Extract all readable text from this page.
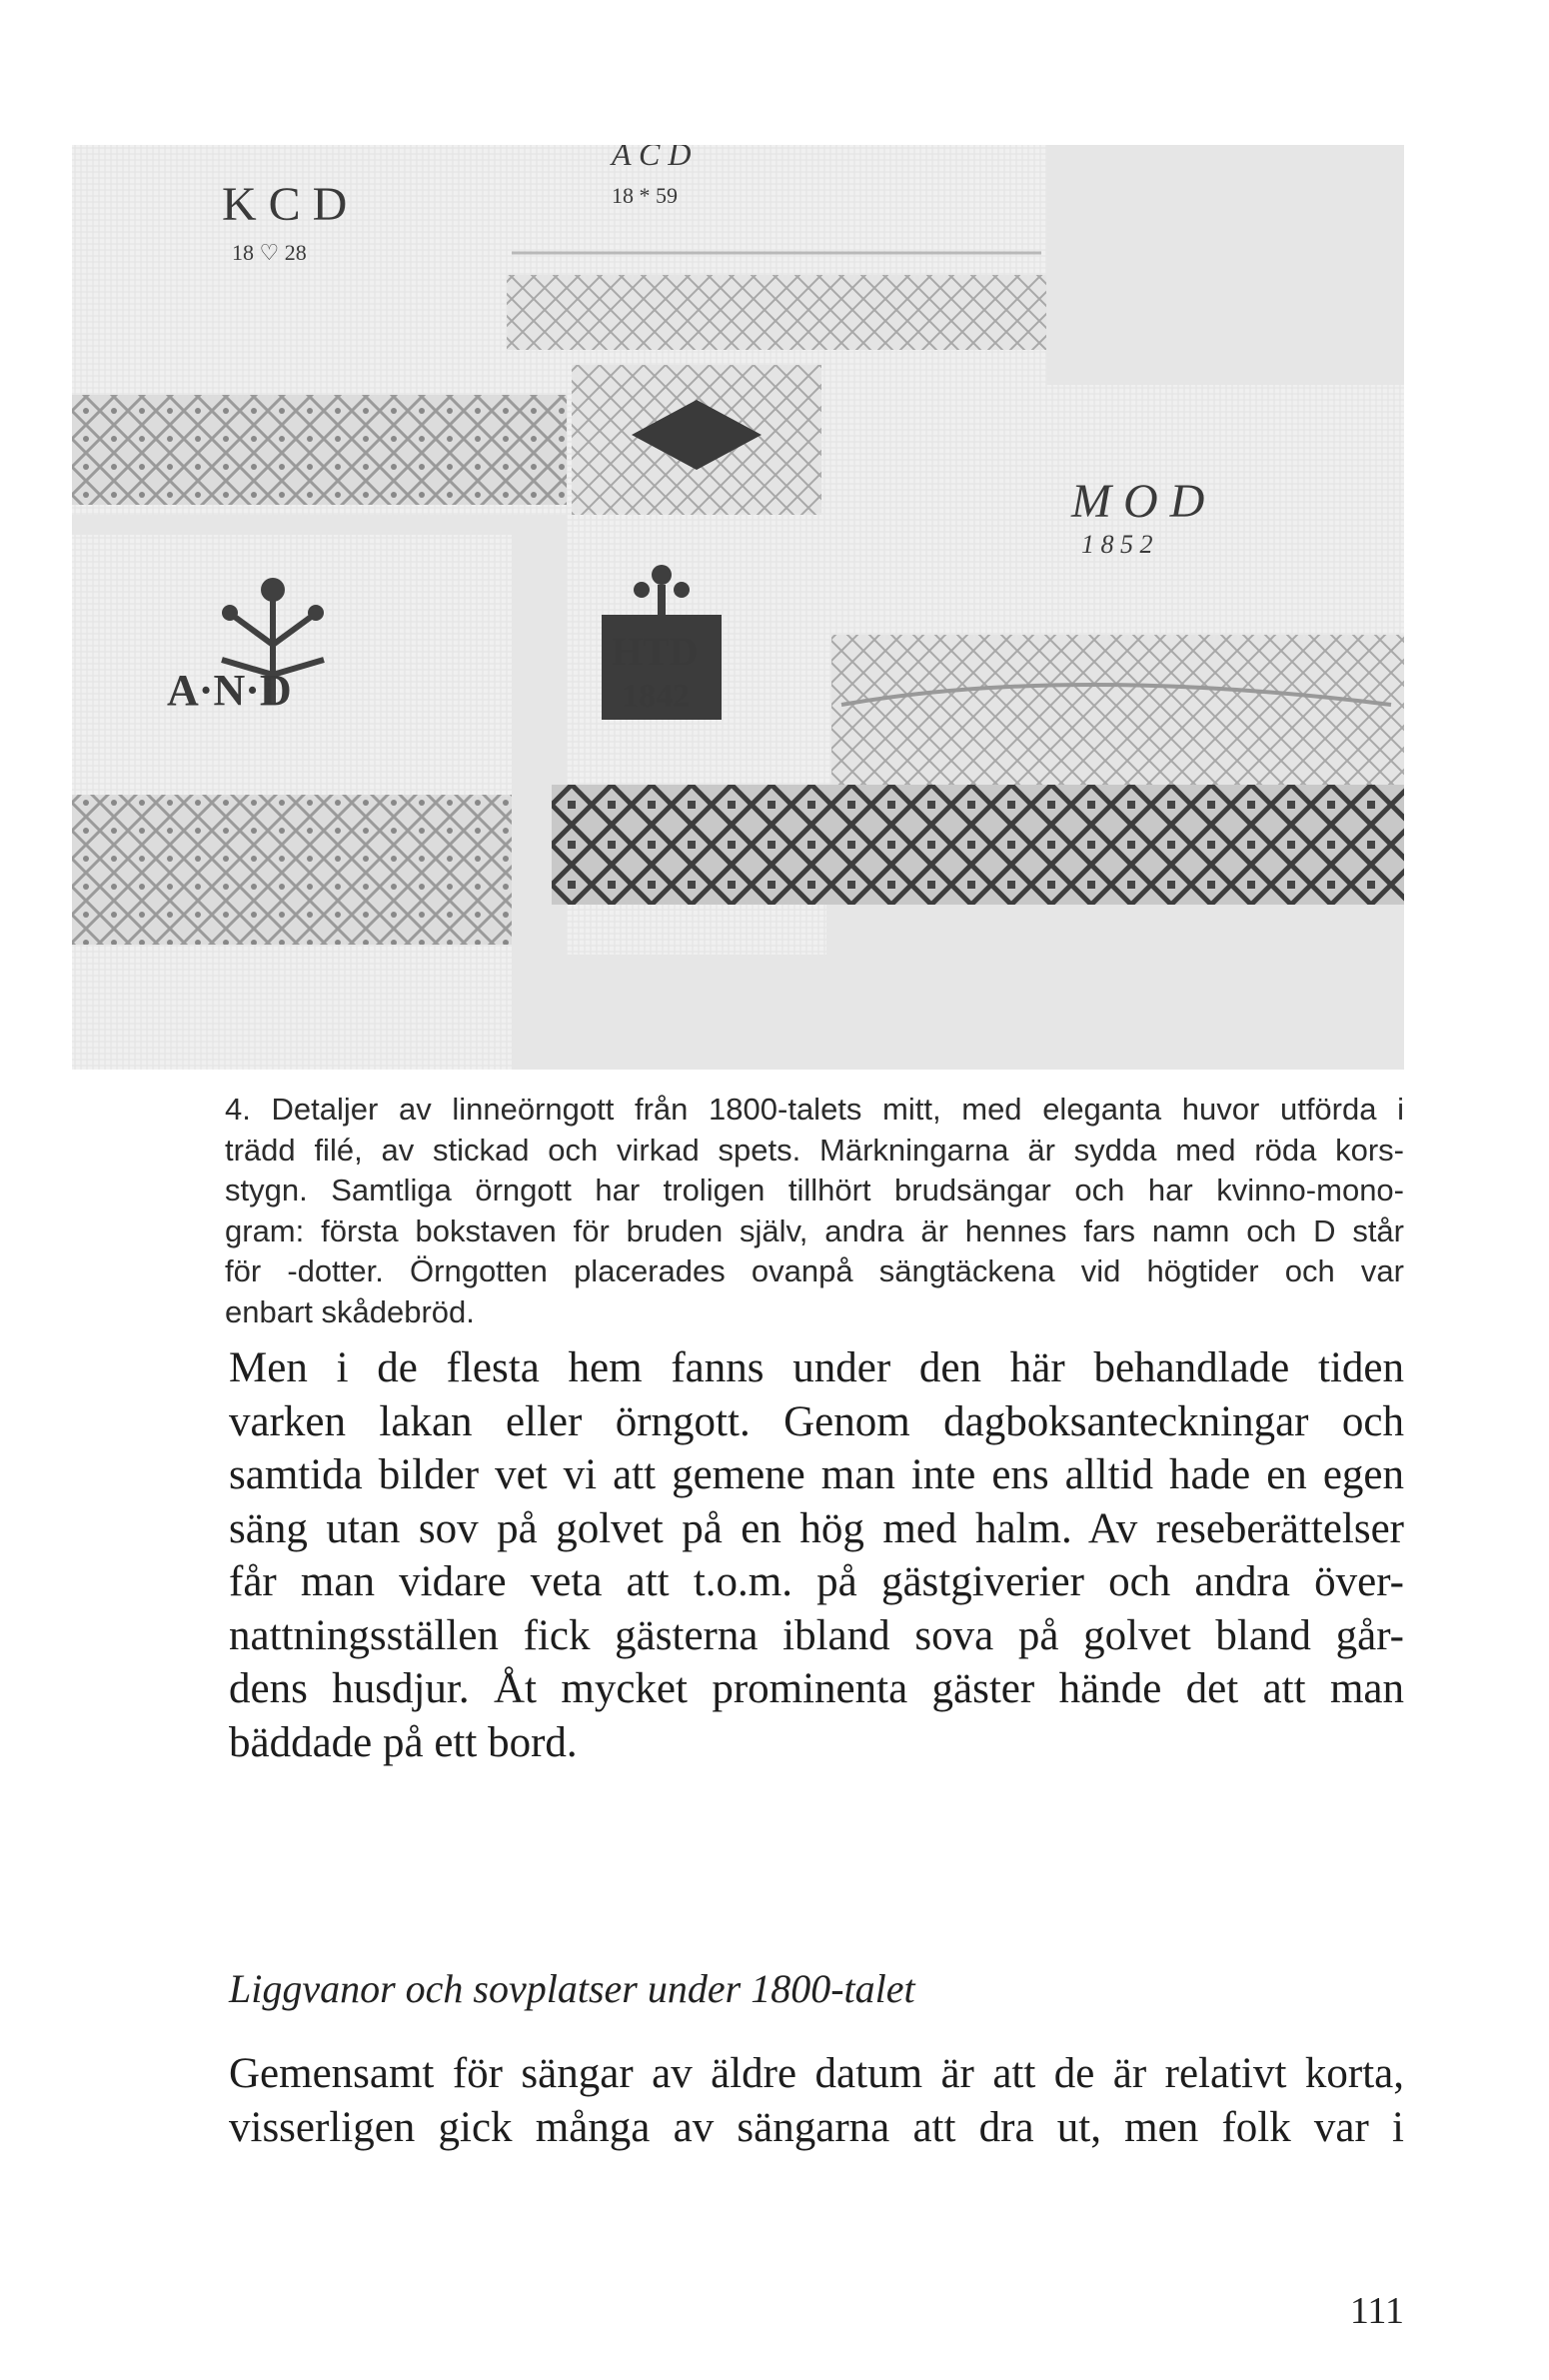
K C D
18 ♡ 28
A C D
18 * 59
HTD
1842
A·N·D
M O D
1 8 5 2

4. Detaljer av linneörngott från 1800-talets mitt, med eleganta huvor utförda i
trädd filé, av stickad och virkad spets. Märkningarna är sydda med röda kors-
stygn. Samtliga örngott har troligen tillhört brudsängar och har kvinno-mono-
gram: första bokstaven för bruden själv, andra är hennes fars namn och D står
för -dotter. Örngotten placerades ovanpå sängtäckena vid högtider och var
enbart skådebröd.

Men i de flesta hem fanns under den här behandlade tiden
varken lakan eller örngott. Genom dagboksanteckningar och
samtida bilder vet vi att gemene man inte ens alltid hade en egen
säng utan sov på golvet på en hög med halm. Av reseberättelser
får man vidare veta att t.o.m. på gästgiverier och andra över-
nattningsställen fick gästerna ibland sova på golvet bland går-
dens husdjur. Åt mycket prominenta gäster hände det att man
bäddade på ett bord.

Liggvanor och sovplatser under 1800-talet

Gemensamt för sängar av äldre datum är att de är relativt korta,
visserligen gick många av sängarna att dra ut, men folk var i

111
